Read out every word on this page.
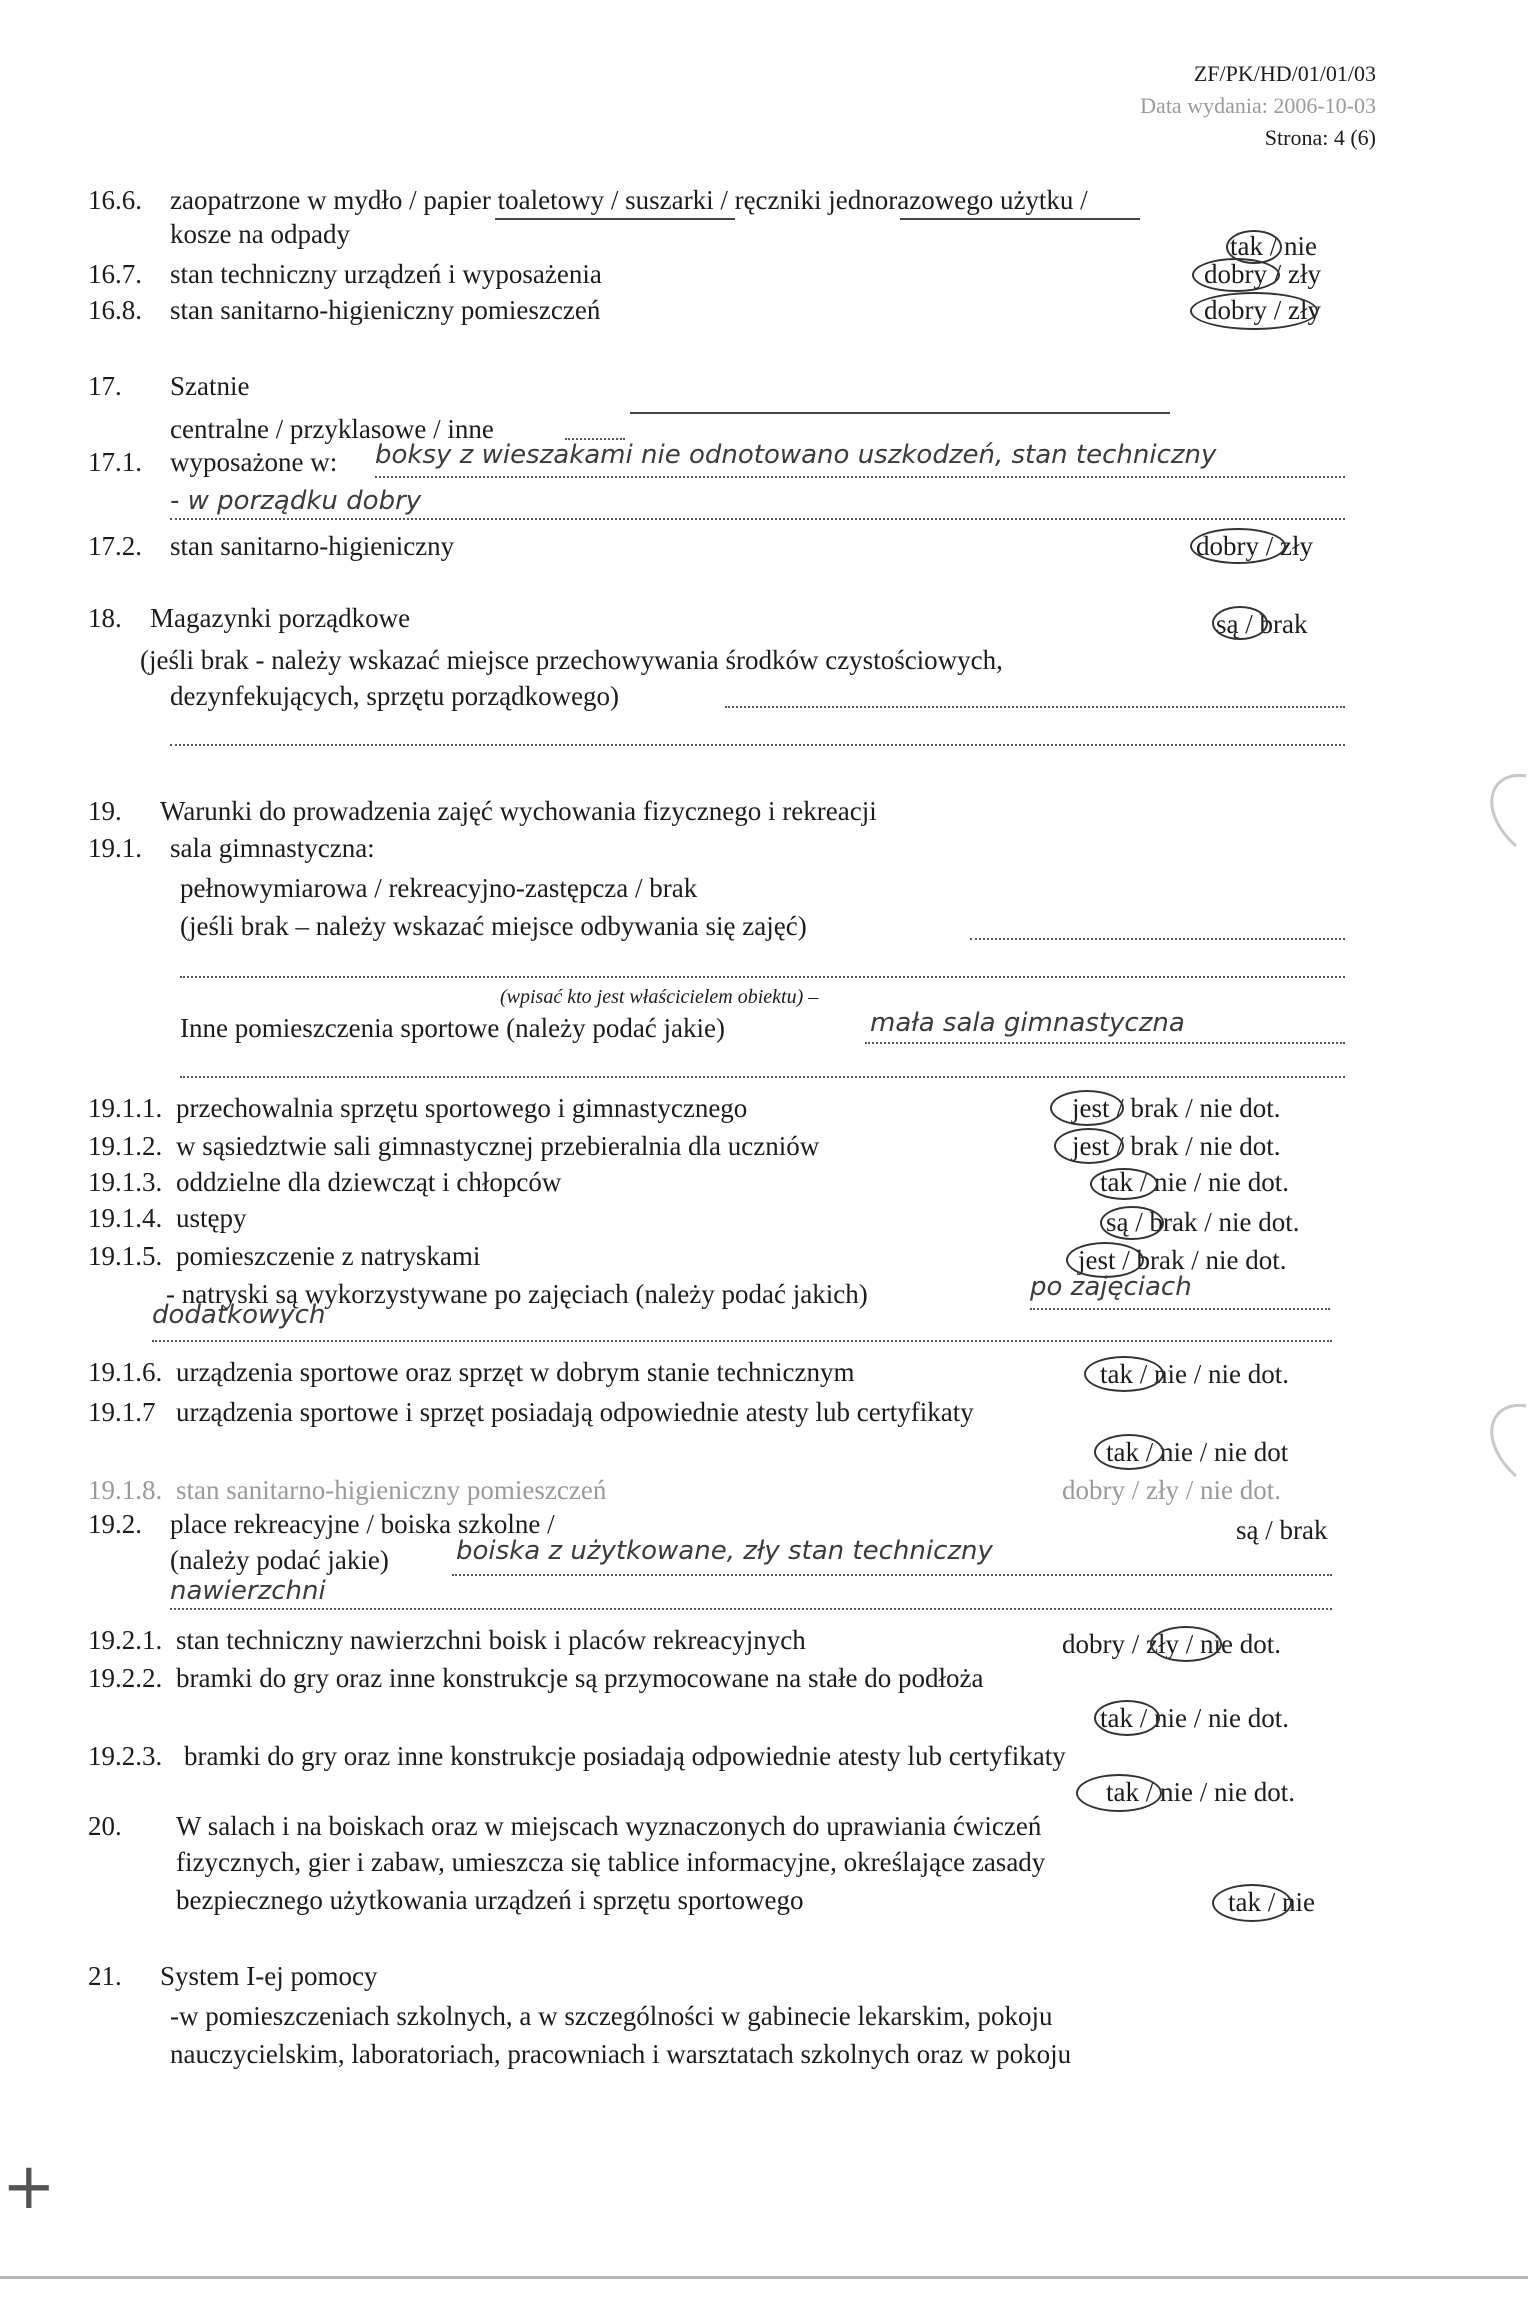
ZF/PK/HD/01/01/03
Data wydania: 2006-10-03
Strona: 4 (6)
16.6. zaopatrzone w mydło / papier toaletowy / suszarki / ręczniki jednorazowego użytku /
kosze na odpady	tak / nie
16.7. stan techniczny urządzeń i wyposażenia	dobry / zły
16.8. stan sanitarno-higieniczny pomieszczeń	dobry / zły
17. Szatnie
centralne / przyklasowe / inne
17.1. wyposażone w: boksy z wieszakami nie odnotowano uszkodzeń, stan techniczny
- w porządku dobry
17.2. stan sanitarno-higieniczny	dobry / zły
18. Magazynki porządkowe	są / brak
(jeśli brak - należy wskazać miejsce przechowywania środków czystościowych,
dezynfekujących, sprzętu porządkowego)
19. Warunki do prowadzenia zajęć wychowania fizycznego i rekreacji
19.1. sala gimnastyczna:
pełnowymiarowa / rekreacyjno-zastępcza / brak
(jeśli brak – należy wskazać miejsce odbywania się zajęć)
(wpisać kto jest właścicielem obiektu) –
Inne pomieszczenia sportowe (należy podać jakie)	mała sala gimnastyczna
19.1.1. przechowalnia sprzętu sportowego i gimnastycznego	jest / brak / nie dot.
19.1.2. w sąsiedztwie sali gimnastycznej przebieralnia dla uczniów	jest / brak / nie dot.
19.1.3. oddzielne dla dziewcząt i chłopców	tak / nie / nie dot.
19.1.4. ustępy	są / brak / nie dot.
19.1.5. pomieszczenie z natryskami	jest / brak / nie dot.
- natryski są wykorzystywane po zajęciach (należy podać jakich)	po zajęciach
dodatkowych
19.1.6. urządzenia sportowe oraz sprzęt w dobrym stanie technicznym	tak / nie / nie dot.
19.1.7 urządzenia sportowe i sprzęt posiadają odpowiednie atesty lub certyfikaty
tak / nie / nie dot
19.1.8. stan sanitarno-higieniczny pomieszczeń	dobry / zły / nie dot.
19.2. place rekreacyjne / boiska szkolne /	są / brak
(należy podać jakie)	boiska z użytkowane, zły stan techniczny
nawierzchni
19.2.1. stan techniczny nawierzchni boisk i placów rekreacyjnych	dobry / zły / nie dot.
19.2.2. bramki do gry oraz inne konstrukcje są przymocowane na stałe do podłoża
tak / nie / nie dot.
19.2.3. bramki do gry oraz inne konstrukcje posiadają odpowiednie atesty lub certyfikaty
tak / nie / nie dot.
20. W salach i na boiskach oraz w miejscach wyznaczonych do uprawiania ćwiczeń
fizycznych, gier i zabaw, umieszcza się tablice informacyjne, określające zasady
bezpiecznego użytkowania urządzeń i sprzętu sportowego	tak / nie
21. System I-ej pomocy
-w pomieszczeniach szkolnych, a w szczególności w gabinecie lekarskim, pokoju
nauczycielskim, laboratoriach, pracowniach i warsztatach szkolnych oraz w pokoju
+
